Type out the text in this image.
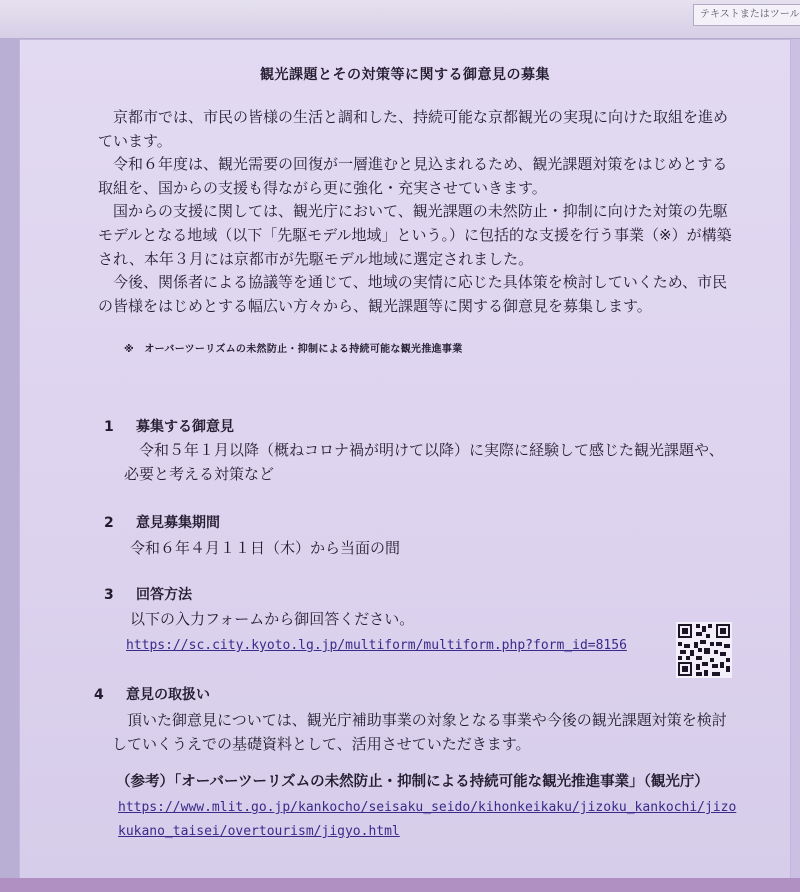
テキストまたはツール
観光課題とその対策等に関する御意見の募集

京都市では、市民の皆様の生活と調和した、持続可能な京都観光の実現に向けた取組を進めています。

令和６年度は、観光需要の回復が一層進むと見込まれるため、観光課題対策をはじめとする取組を、国からの支援も得ながら更に強化・充実させていきます。

国からの支援に関しては、観光庁において、観光課題の未然防止・抑制に向けた対策の先駆モデルとなる地域（以下「先駆モデル地域」という。）に包括的な支援を行う事業（※）が構築され、本年３月には京都市が先駆モデル地域に選定されました。

今後、関係者による協議等を通じて、地域の実情に応じた具体策を検討していくため、市民の皆様をはじめとする幅広い方々から、観光課題等に関する御意見を募集します。

※　オーバーツーリズムの未然防止・抑制による持続可能な観光推進事業
1 募集する御意見

令和５年１月以降（概ねコロナ禍が明けて以降）に実際に経験して感じた観光課題や、必要と考える対策など

2 意見募集期間

令和６年４月１１日（木）から当面の間

3 回答方法

以下の入力フォームから御回答ください。

https://sc.city.kyoto.lg.jp/multiform/multiform.php?form_id=8156
4 意見の取扱い

頂いた御意見については、観光庁補助事業の対象となる事業や今後の観光課題対策を検討していくうえでの基礎資料として、活用させていただきます。

（参考）「オーバーツーリズムの未然防止・抑制による持続可能な観光推進事業」（観光庁）
https://www.mlit.go.jp/kankocho/seisaku_seido/kihonkeikaku/jizoku_kankochi/jizokukano_taisei/overtourism/jigyo.html
